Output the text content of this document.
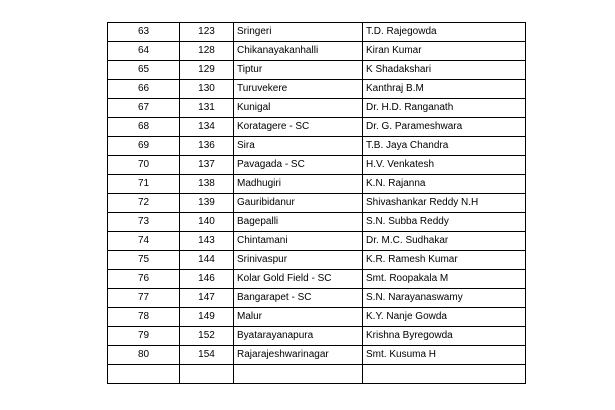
63	123	Sringeri	T.D. Rajegowda
64	128	Chikanayakanhalli	Kiran Kumar
65	129	Tiptur	K Shadakshari
66	130	Turuvekere	Kanthraj B.M
67	131	Kunigal	Dr. H.D. Ranganath
68	134	Koratagere - SC	Dr. G. Parameshwara
69	136	Sira	T.B. Jaya Chandra
70	137	Pavagada - SC	H.V. Venkatesh
71	138	Madhugiri	K.N. Rajanna
72	139	Gauribidanur	Shivashankar Reddy N.H
73	140	Bagepalli	S.N. Subba Reddy
74	143	Chintamani	Dr. M.C. Sudhakar
75	144	Srinivaspur	K.R. Ramesh Kumar
76	146	Kolar Gold Field - SC	Smt. Roopakala M
77	147	Bangarapet - SC	S.N. Narayanaswamy
78	149	Malur	K.Y. Nanje Gowda
79	152	Byatarayanapura	Krishna Byregowda
80	154	Rajarajeshwarinagar	Smt. Kusuma H
